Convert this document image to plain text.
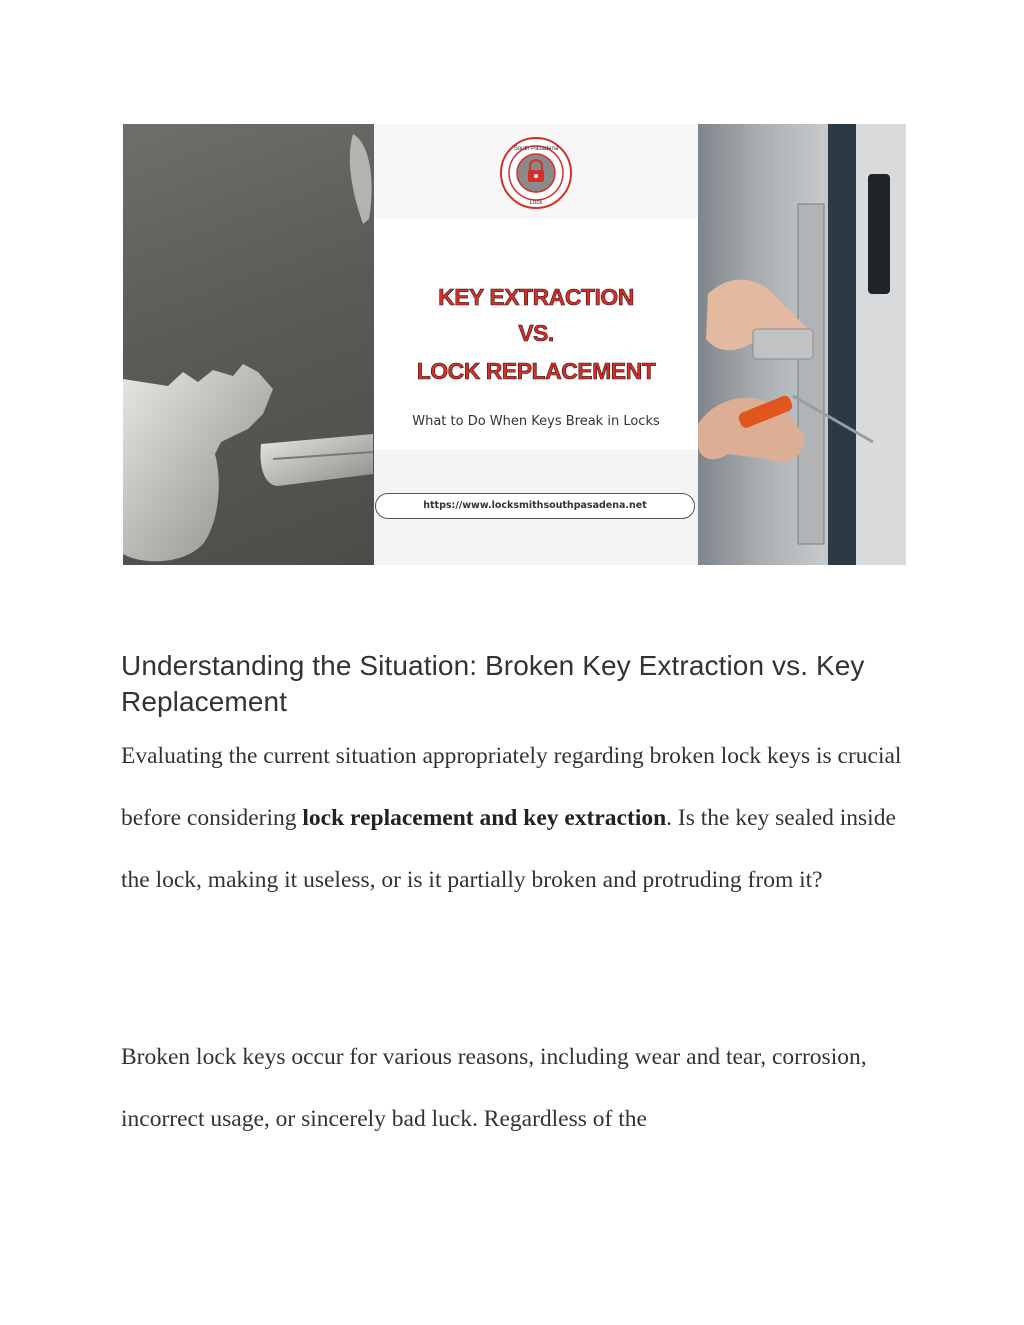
South Pasadena
Lock
KEY EXTRACTION
VS.
LOCK REPLACEMENT
What to Do When Keys Break in Locks
https://www.locksmithsouthpasadena.net
Understanding the Situation: Broken Key Extraction vs. Key Replacement

Evaluating the current situation appropriately regarding broken lock keys is crucial before considering lock replacement and key extraction. Is the key sealed inside the lock, making it useless, or is it partially broken and protruding from it?

Broken lock keys occur for various reasons, including wear and tear, corrosion, incorrect usage, or sincerely bad luck. Regardless of the
